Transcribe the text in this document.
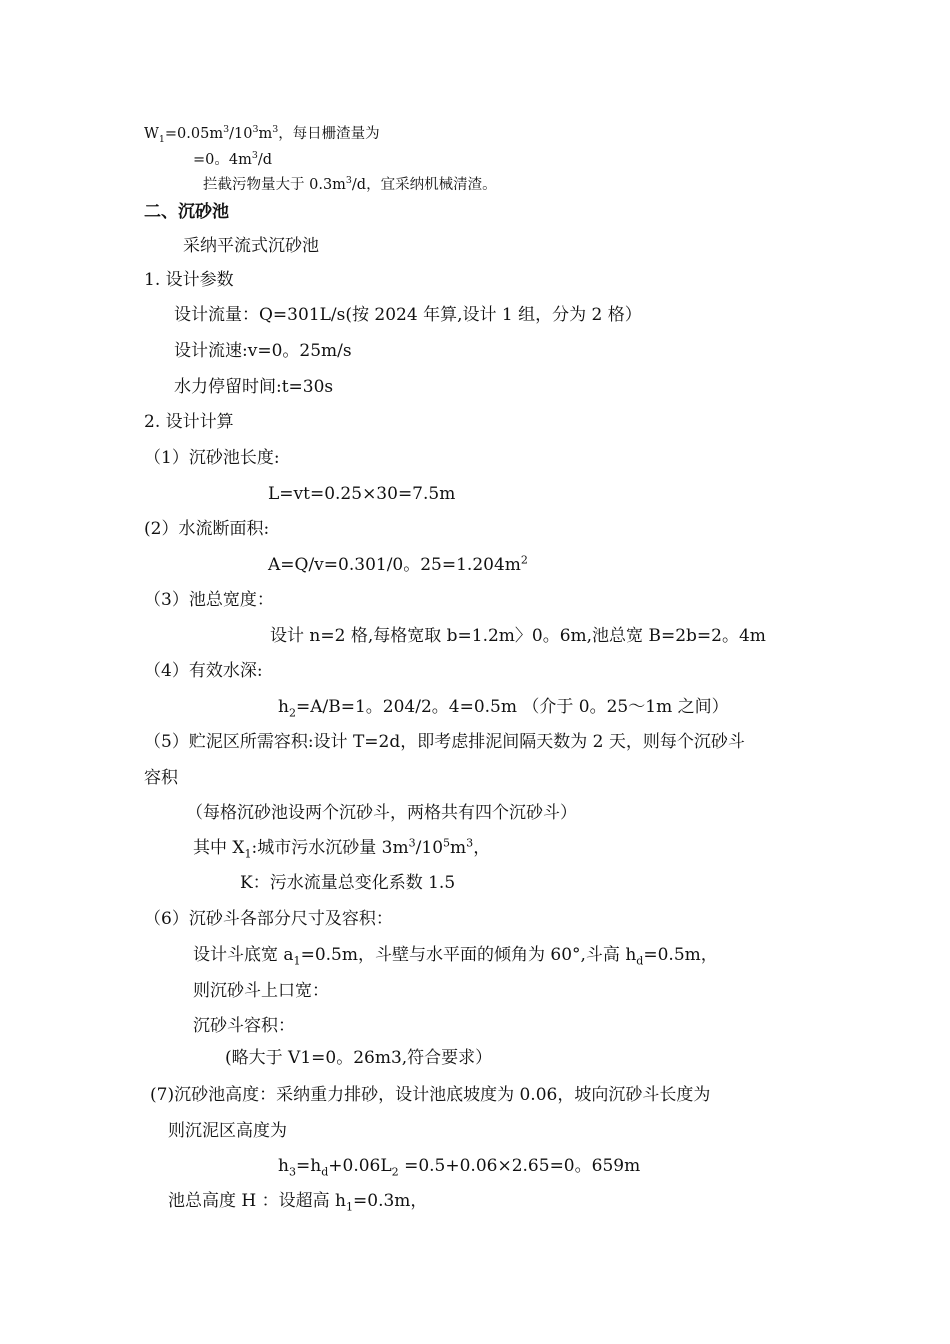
$W_1=0.05m^3/10^3m^3$，每日栅渣量为
=0。$4m^3/d$
拦截污物量大于 $0.3m^3/d$，宜采纳机械清渣。
二、沉砂池
采纳平流式沉砂池
1. 设计参数
设计流量：Q=301L/s(按 2024 年算,设计 1 组，分为 2 格）
设计流速:v=0。25m/s
水力停留时间:t=30s
2. 设计计算
（1）沉砂池长度:
L=vt=0.25×30=7.5m
(2）水流断面积:
A=Q/v=0.301/0。$25=1.204m^2$
（3）池总宽度：
设计 n=2 格,每格宽取 b=1.2m〉0。6m,池总宽 B=2b=2。4m
（4）有效水深:
$h_2=A/B=1$。204/2。4=0.5m （介于 0。25～1m 之间）
（5）贮泥区所需容积:设计 T=2d，即考虑排泥间隔天数为 2 天，则每个沉砂斗
容积
（每格沉砂池设两个沉砂斗，两格共有四个沉砂斗）
其中 $X_1$:城市污水沉砂量 $3m^3/10^5m^3$，
K：污水流量总变化系数 1.5
（6）沉砂斗各部分尺寸及容积：
设计斗底宽 $a_1=0.5m$，斗壁与水平面的倾角为 60°,斗高 $h_d=0.5m$，
则沉砂斗上口宽：
沉砂斗容积：
(略大于 V1=0。26m3,符合要求）
(7)沉砂池高度：采纳重力排砂，设计池底坡度为 0.06，坡向沉砂斗长度为
则沉泥区高度为
$h_3=h_d+0.06L_2 =0.5+0.06\times 2.65=0$。659m
池总高度 H ：设超高 $h_1=0.3m$，
